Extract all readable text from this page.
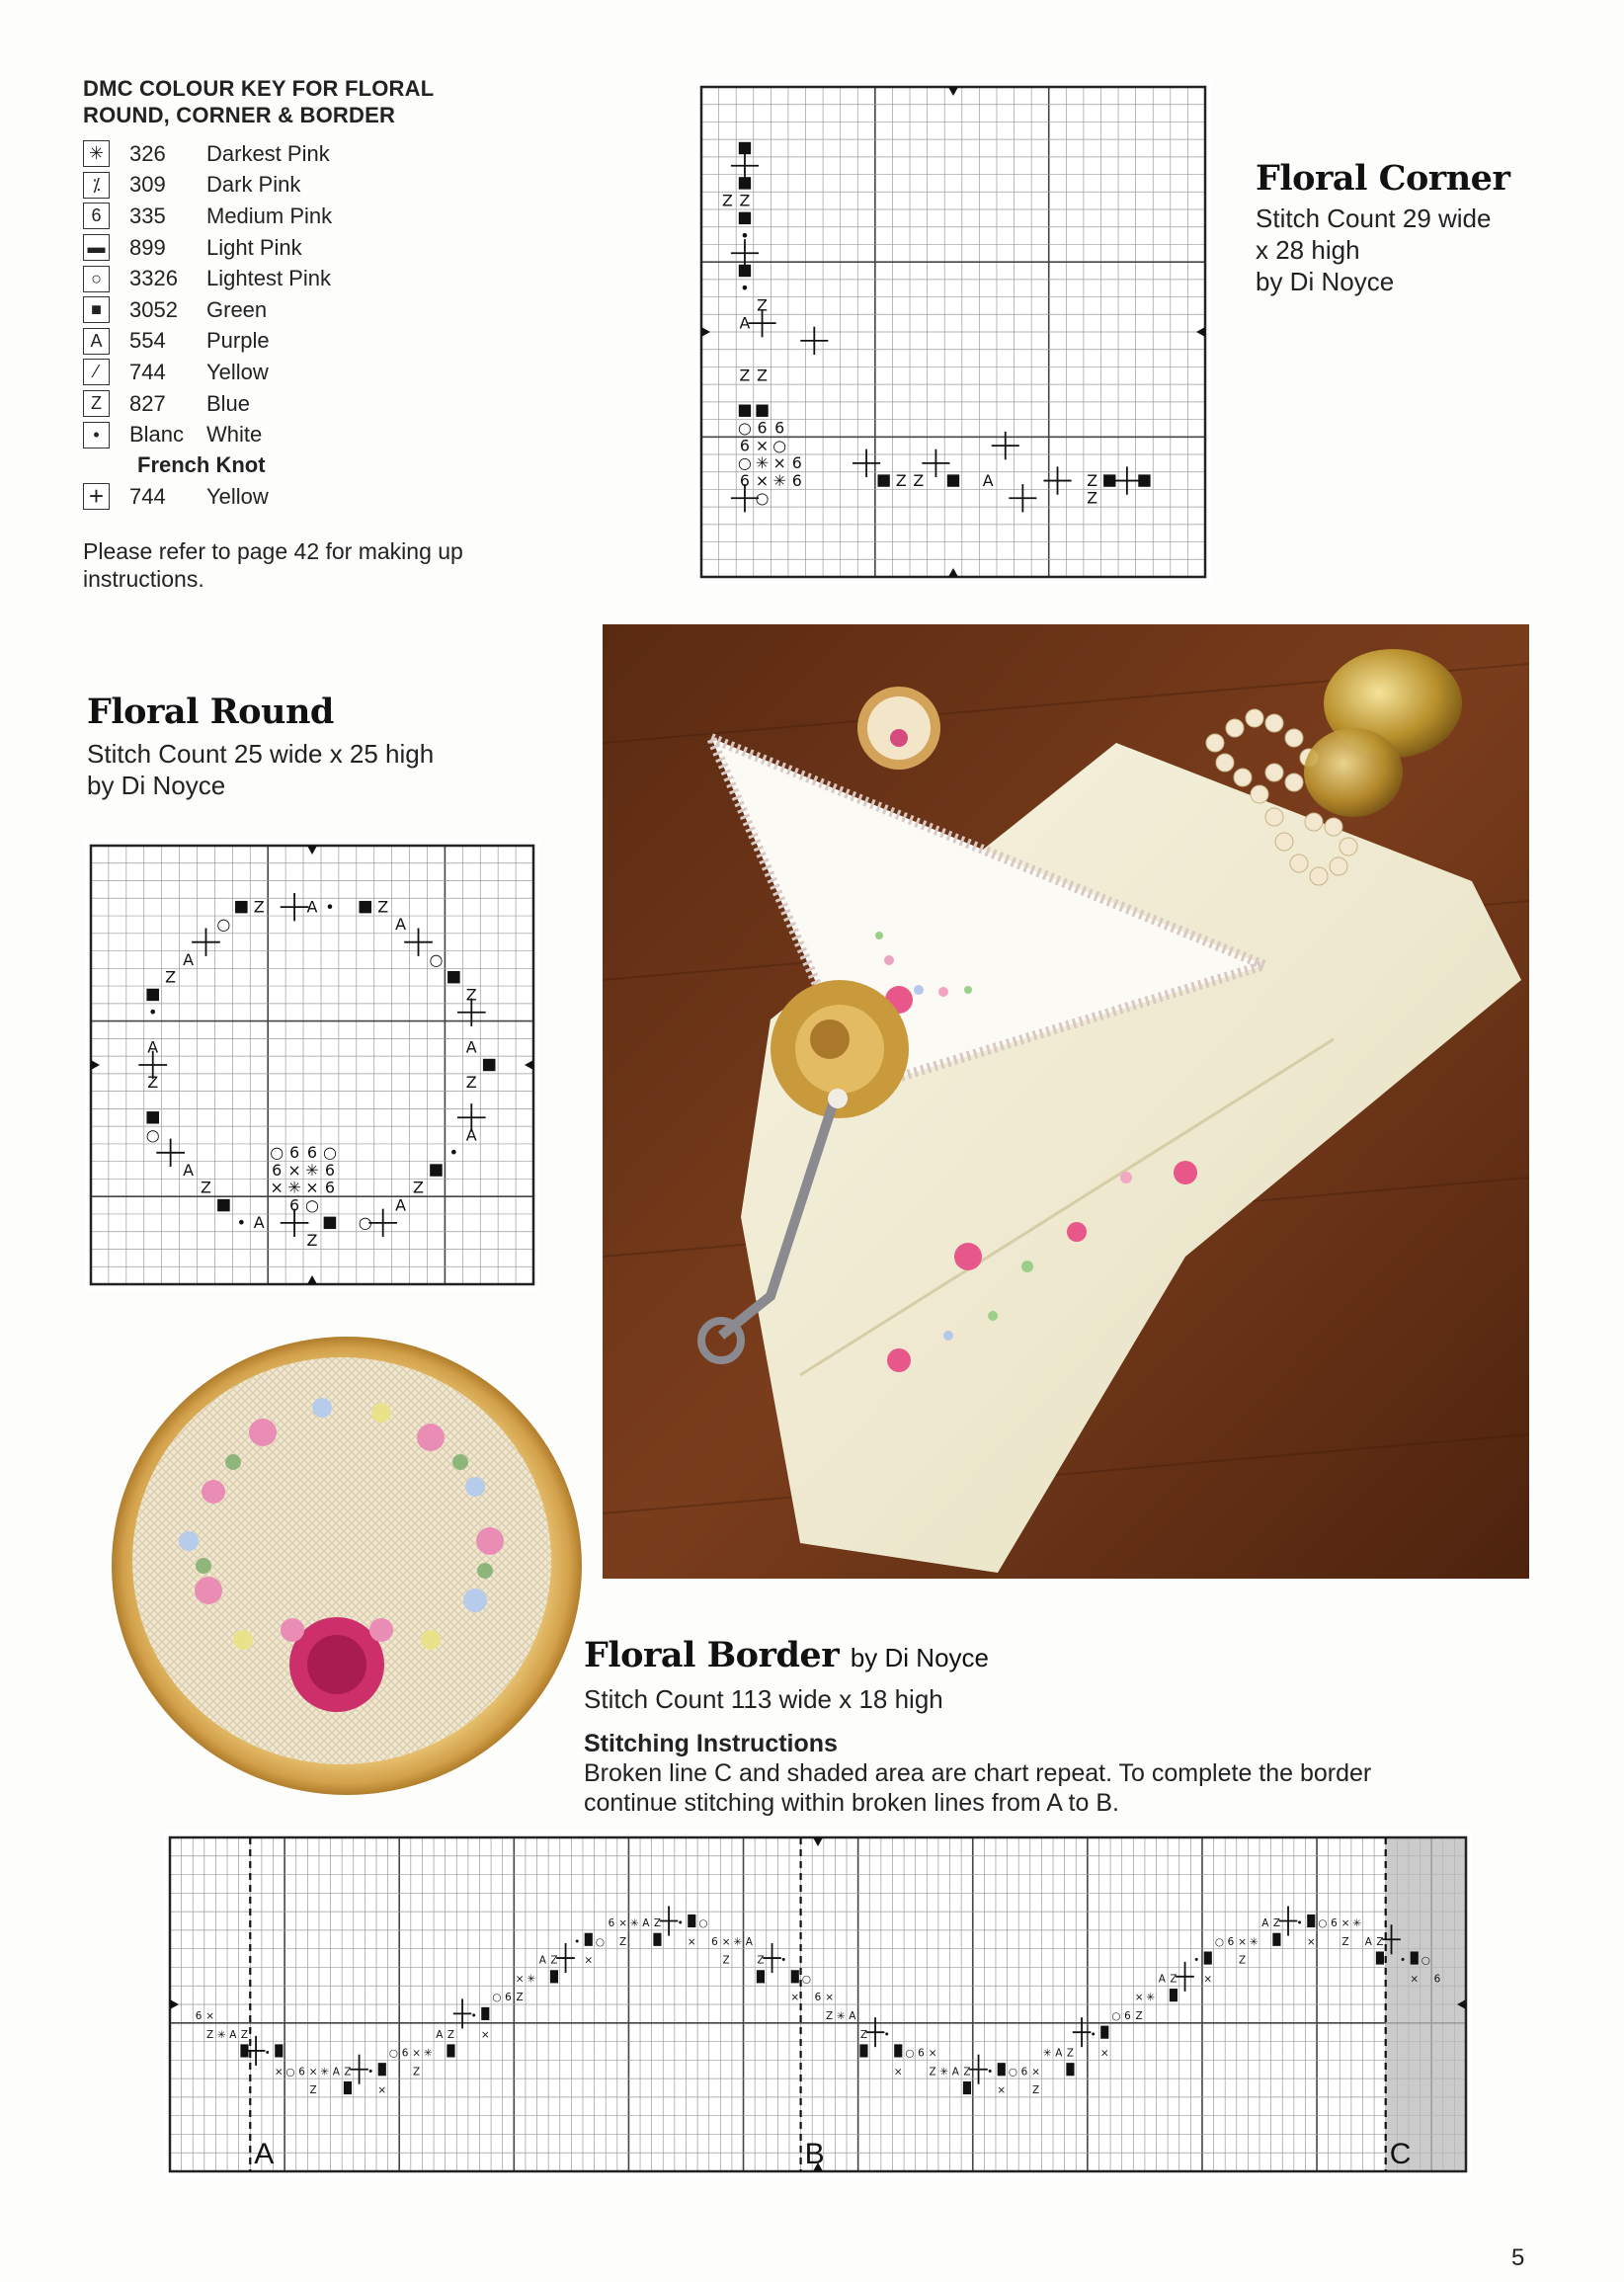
DMC COLOUR KEY FOR FLORAL
ROUND, CORNER & BORDER
✳ 326	Darkest Pink
⁒	309	Dark Pink
6	335	Medium Pink
▬ 899	Light Pink
○	3326	Lightest Pink
■	3052	Green
A	554	Purple
⁄	744	Yellow
Z	827	Blue
•	Blanc	White
French Knot
+ 744	Yellow
Please refer to page 42 for making up instructions.
Floral Corner
Stitch Count 29 wide
x 28 high
by Di Noyce
Floral Round
Stitch Count 25 wide x 25 high
by Di Noyce
Floral Border by Di Noyce
Stitch Count 113 wide x 18 high
Stitching Instructions
Broken line C and shaded area are chart repeat. To complete the border
continue stitching within broken lines from A to B.
Z Z
•
•
Z
A
Z Z
○ 6 6
6 × ○
○ ✳ × 6
6 × ✳ 6
○
Z Z	A	Z
Z
Z
A
•
Z
A
○
Z
A
•
Z
A
○
Z
A
•
Z
A
○
Z	A •	Z
A
○
Z
A
○ 6 6 ○
6 × ✳ 6
× ✳ × 6
6 ○
6 ×
Z ✳ A Z
•
× ○ 6 ×
Z
✳ A Z •
×
○ 6 ×
Z
✳
A Z
•
×
○ 6
×
Z
✳
A Z
•
×
○
6 ×
Z
✳ A Z •
×
○
6 ×
Z
✳ A
Z •
×
○
6 ×
Z ✳ A
Z •
×
○ 6 ×
Z ✳ A Z •
×
○ 6 ×
Z
✳ A Z
•
×
○ 6
×
Z
✳
A Z
•
×
○ 6 ×
Z
✳
A Z •
×
○ 6 ×
Z
✳
A Z
•
×
○
6
A	B	C
5
